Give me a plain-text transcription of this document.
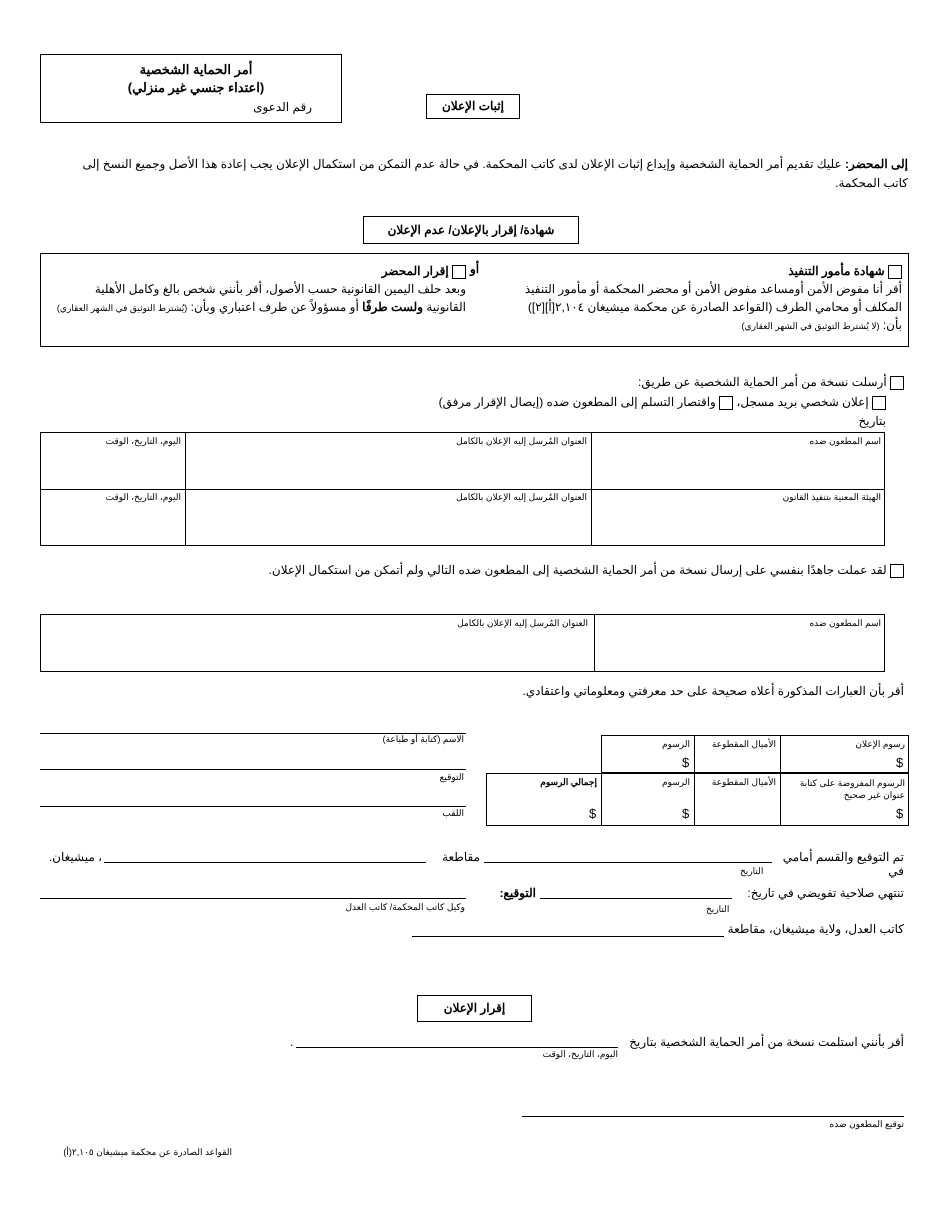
أمر الحماية الشخصية
(اعتداء جنسي غير منزلي)
رقم الدعوى	إثبات الإعلان
إلى المحضر: عليك تقديم أمر الحماية الشخصية وإيداع إثبات الإعلان لدى كاتب المحكمة. في حالة عدم التمكن من استكمال الإعلان يجب إعادة هذا الأصل وجميع النسخ إلى كاتب المحكمة.
شهادة/ إقرار بالإعلان/ عدم الإعلان
شهادة مأمور التنفيذ
أقر أنا مفوض الأمن أومساعد مفوض الأمن أو محضر المحكمة أو مأمور التنفيذ المكلف أو محامي الطرف (القواعد الصادرة عن محكمة ميشيغان ٢,١٠٤[أ][٢])
بأن: (لا يُشترط التوثيق في الشهر العقاري)
أو
إقرار المحضر
وبعد حلف اليمين القانونية حسب الأصول، أقر بأنني شخص بالغ وكامل الأهلية القانونية ولست طرفًا أو مسؤولاً عن طرف اعتباري وبأن: (يُشترط التوثيق في الشهر العقاري)
أرسلت نسخة من أمر الحماية الشخصية عن طريق:
إعلان شخصي بريد مسجل،  واقتصار التسلم إلى المطعون ضده (إيصال الإقرار مرفق)
بتاريخ
اسم المطعون ضده
العنوان المُرسل إليه الإعلان بالكامل
اليوم، التاريخ، الوقت
الهيئة المعنية بتنفيذ القانون
العنوان المُرسل إليه الإعلان بالكامل
اليوم، التاريخ، الوقت
لقد عملت جاهدًا بنفسي على إرسال نسخة من أمر الحماية الشخصية إلى المطعون ضده التالي ولم أتمكن من استكمال الإعلان.
اسم المطعون ضده
العنوان المُرسل إليه الإعلان بالكامل
أقر بأن العبارات المذكورة أعلاه صحيحة على حد معرفتي ومعلوماتي واعتقادي.
الاسم (كتابة أو طباعة)
التوقيع
اللقب
رسوم الإعلان
$
الأميال المقطوعة
الرسوم
$
الرسوم المفروضة على كتابة عنوان غير صحيح
$
الأميال المقطوعة
الرسوم
$
إجمالي الرسوم
$
تم التوقيع والقسم أمامي في
التاريخ
مقاطعة
، ميشيغان.
تنتهي صلاحية تفويضي في تاريخ:
التاريخ
التوقيع:
وكيل كاتب المحكمة/ كاتب العدل
كاتب العدل، ولاية ميشيغان، مقاطعة
إقرار الإعلان
أقر بأنني استلمت نسخة من أمر الحماية الشخصية بتاريخ
.
اليوم، التاريخ، الوقت
توقيع المطعون ضده
القواعد الصادرة عن محكمة ميشيغان ٢,١٠٥(أ)
